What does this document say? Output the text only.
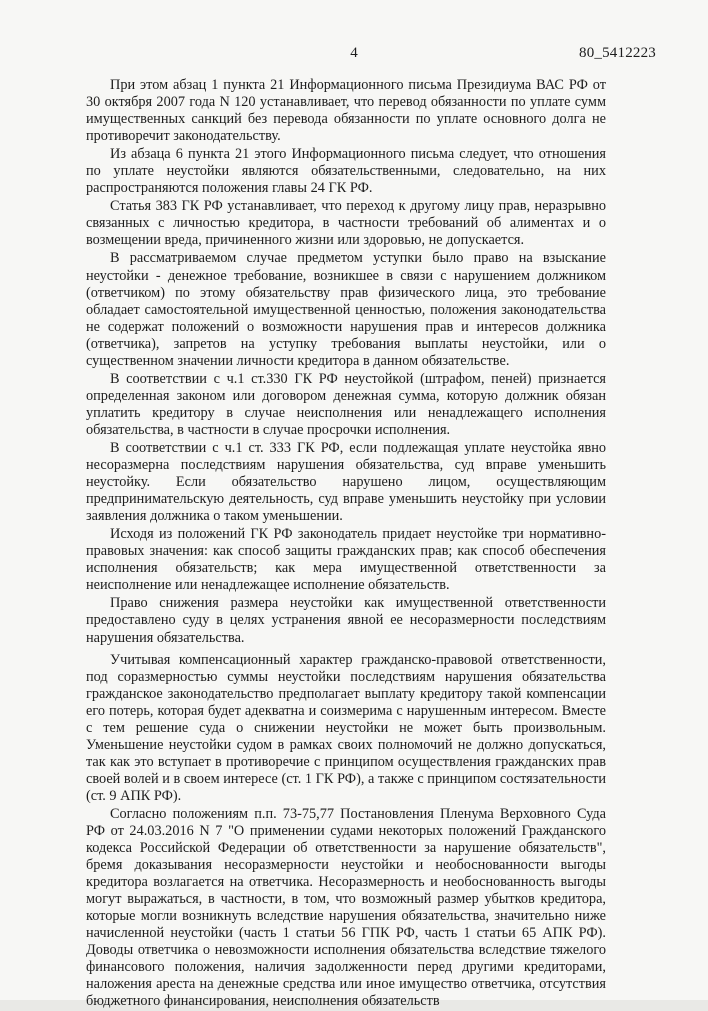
4	80_5412223

При этом абзац 1 пункта 21 Информационного письма Президиума ВАС РФ от 30 октября 2007 года N 120 устанавливает, что перевод обязанности по уплате сумм имущественных санкций без перевода обязанности по уплате основного долга не противоречит законодательству.

Из абзаца 6 пункта 21 этого Информационного письма следует, что отношения по уплате неустойки являются обязательственными, следовательно, на них распространяются положения главы 24 ГК РФ.

Статья 383 ГК РФ устанавливает, что переход к другому лицу прав, неразрывно связанных с личностью кредитора, в частности требований об алиментах и о возмещении вреда, причиненного жизни или здоровью, не допускается.

В рассматриваемом случае предметом уступки было право на взыскание неустойки - денежное требование, возникшее в связи с нарушением должником (ответчиком) по этому обязательству прав физического лица, это требование обладает самостоятельной имущественной ценностью, положения законодательства не содержат положений о возможности нарушения прав и интересов должника (ответчика), запретов на уступку требования выплаты неустойки, или о существенном значении личности кредитора в данном обязательстве.

В соответствии с ч.1 ст.330 ГК РФ неустойкой (штрафом, пеней) признается определенная законом или договором денежная сумма, которую должник обязан уплатить кредитору в случае неисполнения или ненадлежащего исполнения обязательства, в частности в случае просрочки исполнения.

В соответствии с ч.1 ст. 333 ГК РФ, если подлежащая уплате неустойка явно несоразмерна последствиям нарушения обязательства, суд вправе уменьшить неустойку. Если обязательство нарушено лицом, осуществляющим предпринимательскую деятельность, суд вправе уменьшить неустойку при условии заявления должника о таком уменьшении.

Исходя из положений ГК РФ законодатель придает неустойке три нормативно-правовых значения: как способ защиты гражданских прав; как способ обеспечения исполнения обязательств; как мера имущественной ответственности за неисполнение или ненадлежащее исполнение обязательств.

Право снижения размера неустойки как имущественной ответственности предоставлено суду в целях устранения явной ее несоразмерности последствиям нарушения обязательства.

Учитывая компенсационный характер гражданско-правовой ответственности, под соразмерностью суммы неустойки последствиям нарушения обязательства гражданское законодательство предполагает выплату кредитору такой компенсации его потерь, которая будет адекватна и соизмерима с нарушенным интересом. Вместе с тем решение суда о снижении неустойки не может быть произвольным. Уменьшение неустойки судом в рамках своих полномочий не должно допускаться, так как это вступает в противоречие с принципом осуществления гражданских прав своей волей и в своем интересе (ст. 1 ГК РФ), а также с принципом состязательности (ст. 9 АПК РФ).

Согласно положениям п.п. 73-75,77 Постановления Пленума Верховного Суда РФ от 24.03.2016 N 7 "О применении судами некоторых положений Гражданского кодекса Российской Федерации об ответственности за нарушение обязательств", бремя доказывания несоразмерности неустойки и необоснованности выгоды кредитора возлагается на ответчика. Несоразмерность и необоснованность выгоды могут выражаться, в частности, в том, что возможный размер убытков кредитора, которые могли возникнуть вследствие нарушения обязательства, значительно ниже начисленной неустойки (часть 1 статьи 56 ГПК РФ, часть 1 статьи 65 АПК РФ). Доводы ответчика о невозможности исполнения обязательства вследствие тяжелого финансового положения, наличия задолженности перед другими кредиторами, наложения ареста на денежные средства или иное имущество ответчика, отсутствия бюджетного финансирования, неисполнения обязательств
